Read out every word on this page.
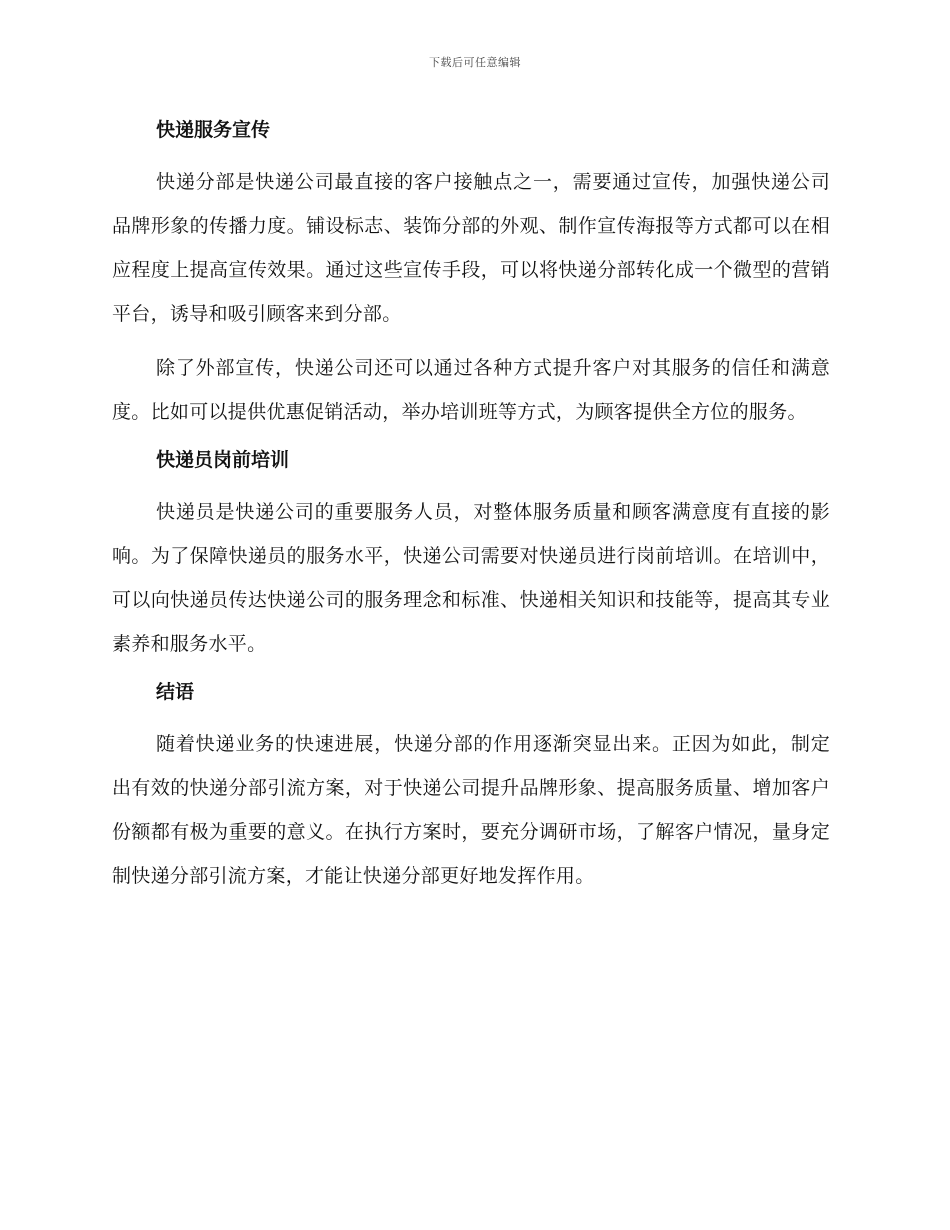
下载后可任意编辑
快递服务宣传

快递分部是快递公司最直接的客户接触点之一，需要通过宣传，加强快递公司品牌形象的传播力度。铺设标志、装饰分部的外观、制作宣传海报等方式都可以在相应程度上提高宣传效果。通过这些宣传手段，可以将快递分部转化成一个微型的营销平台，诱导和吸引顾客来到分部。

除了外部宣传，快递公司还可以通过各种方式提升客户对其服务的信任和满意度。比如可以提供优惠促销活动，举办培训班等方式，为顾客提供全方位的服务。

快递员岗前培训

快递员是快递公司的重要服务人员，对整体服务质量和顾客满意度有直接的影响。为了保障快递员的服务水平，快递公司需要对快递员进行岗前培训。在培训中，可以向快递员传达快递公司的服务理念和标准、快递相关知识和技能等，提高其专业素养和服务水平。

结语

随着快递业务的快速进展，快递分部的作用逐渐突显出来。正因为如此，制定出有效的快递分部引流方案，对于快递公司提升品牌形象、提高服务质量、增加客户份额都有极为重要的意义。在执行方案时，要充分调研市场，了解客户情况，量身定制快递分部引流方案，才能让快递分部更好地发挥作用。
